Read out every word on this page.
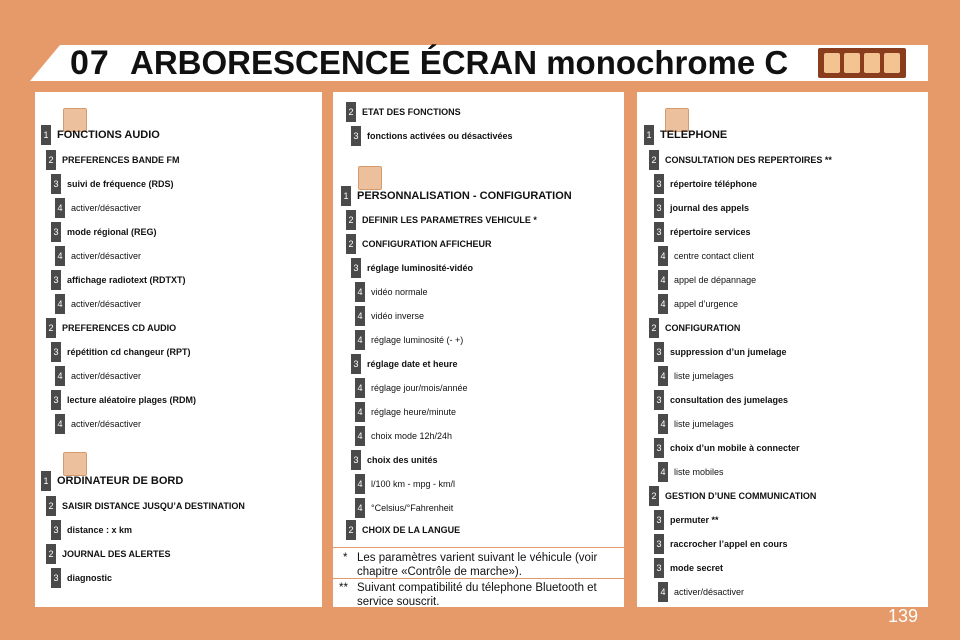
07 ARBORESCENCE ÉCRAN monochrome C
1 FONCTIONS AUDIO
2 PREFERENCES BANDE FM
3 suivi de fréquence (RDS)
4 activer/désactiver
3 mode régional (REG)
4 activer/désactiver
3 affichage radiotext (RDTXT)
4 activer/désactiver
2 PREFERENCES CD AUDIO
3 répétition cd changeur (RPT)
4 activer/désactiver
3 lecture aléatoire plages (RDM)
4 activer/désactiver
1 ORDINATEUR DE BORD
2 SAISIR DISTANCE JUSQU’A DESTINATION
3 distance : x km
2 JOURNAL DES ALERTES
3 diagnostic
2 ETAT DES FONCTIONS
3 fonctions activées ou désactivées
1 PERSONNALISATION - CONFIGURATION
2 DEFINIR LES PARAMETRES VEHICULE *
2 CONFIGURATION AFFICHEUR
3 réglage luminosité-vidéo
4 vidéo normale
4 vidéo inverse
4 réglage luminosité (- +)
3 réglage date et heure
4 réglage jour/mois/année
4 réglage heure/minute
4 choix mode 12h/24h
3 choix des unités
4 l/100 km - mpg - km/l
4 °Celsius/°Fahrenheit
2 CHOIX DE LA LANGUE
1 TELEPHONE
2 CONSULTATION DES REPERTOIRES **
3 répertoire téléphone
3 journal des appels
3 répertoire services
4 centre contact client
4 appel de dépannage
4 appel d’urgence
2 CONFIGURATION
3 suppression d’un jumelage
4 liste jumelages
3 consultation des jumelages
4 liste jumelages
3 choix d’un mobile à connecter
4 liste mobiles
2 GESTION D’UNE COMMUNICATION
3 permuter **
3 raccrocher l’appel en cours
3 mode secret
4 activer/désactiver
* Les paramètres varient suivant le véhicule (voir chapitre «Contrôle de marche»).
** Suivant compatibilité du télephone Bluetooth et service souscrit.
139
